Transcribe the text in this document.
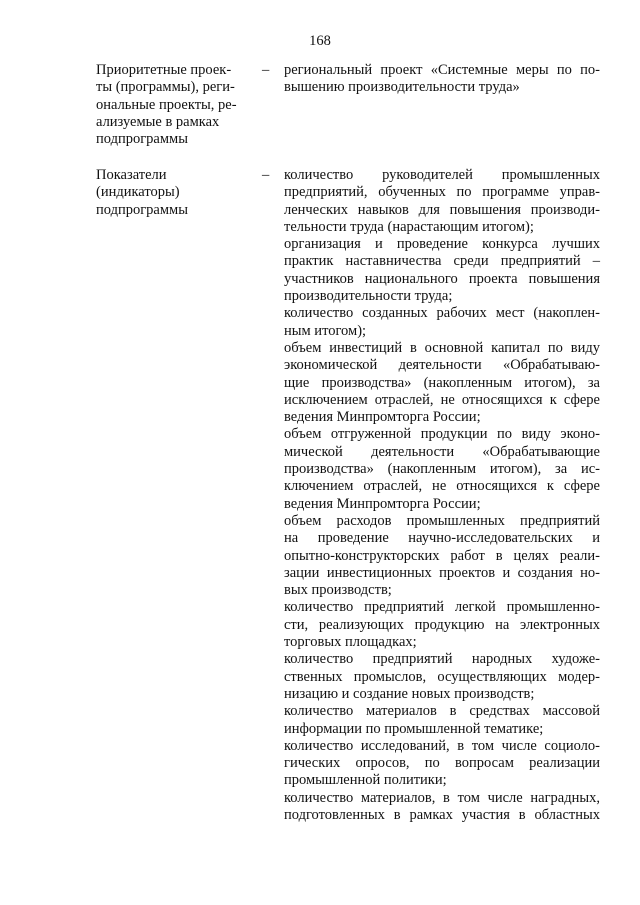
168
Приоритетные проек-
ты (программы), реги-
ональные проекты, ре-
ализуемые в рамках
подпрограммы
– региональный проект «Системные меры по по-
вышению производительности труда»
Показатели
(индикаторы)
подпрограммы
– количество руководителей промышленных
предприятий, обученных по программе управ-
ленческих навыков для повышения производи-
тельности труда (нарастающим итогом);
организация и проведение конкурса лучших
практик наставничества среди предприятий –
участников национального проекта повышения
производительности труда;
количество созданных рабочих мест (накоплен-
ным итогом);
объем инвестиций в основной капитал по виду
экономической деятельности «Обрабатываю-
щие производства» (накопленным итогом), за
исключением отраслей, не относящихся к сфере
ведения Минпромторга России;
объем отгруженной продукции по виду эконо-
мической деятельности «Обрабатывающие
производства» (накопленным итогом), за ис-
ключением отраслей, не относящихся к сфере
ведения Минпромторга России;
объем расходов промышленных предприятий
на проведение научно-исследовательских и
опытно-конструкторских работ в целях реали-
зации инвестиционных проектов и создания но-
вых производств;
количество предприятий легкой промышленно-
сти, реализующих продукцию на электронных
торговых площадках;
количество предприятий народных художе-
ственных промыслов, осуществляющих модер-
низацию и создание новых производств;
количество материалов в средствах массовой
информации по промышленной тематике;
количество исследований, в том числе социоло-
гических опросов, по вопросам реализации
промышленной политики;
количество материалов, в том числе наградных,
подготовленных в рамках участия в областных
